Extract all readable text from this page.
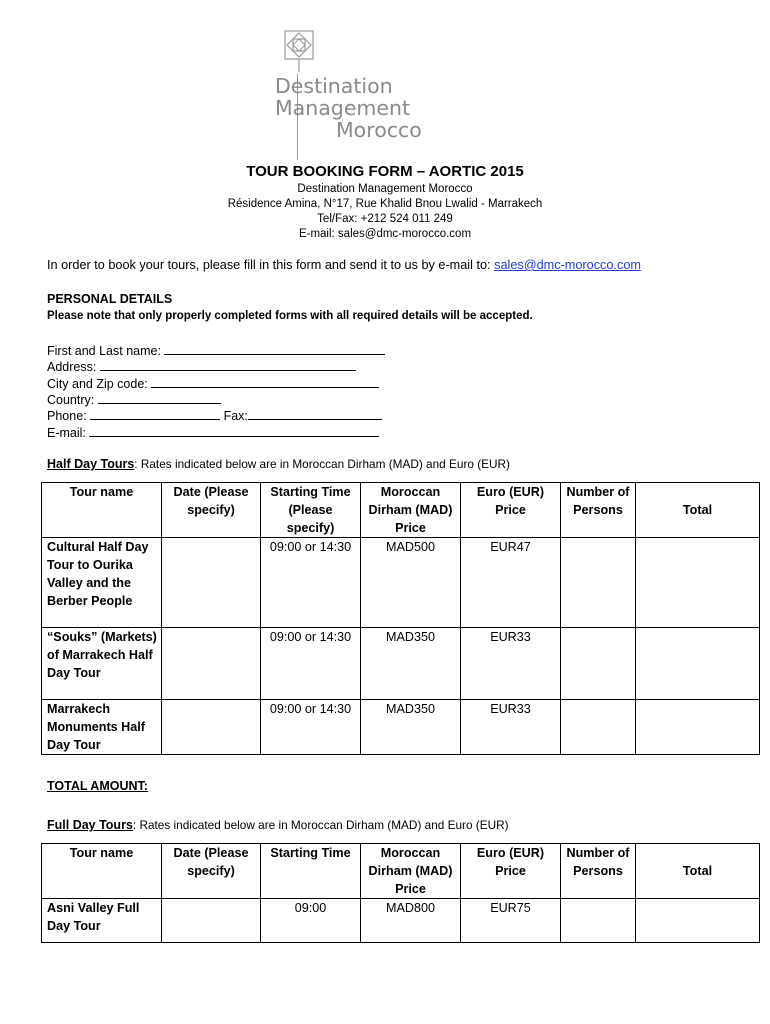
Destination
Management
Morocco
TOUR BOOKING FORM – AORTIC 2015
Destination Management Morocco
Résidence Amina, N°17, Rue Khalid Bnou Lwalid - Marrakech
Tel/Fax: +212 524 011 249
E-mail: sales@dmc-morocco.com
In order to book your tours, please fill in this form and send it to us by e-mail to: sales@dmc-morocco.com
PERSONAL DETAILS
Please note that only properly completed forms with all required details will be accepted.
First and Last name:
Address:
City and Zip code:
Country:
Phone:	Fax:
E-mail:
Half Day Tours: Rates indicated below are in Moroccan Dirham (MAD) and Euro (EUR)
Tour name	Date (Please specify)	Starting Time (Please specify)	Moroccan Dirham (MAD) Price	Euro (EUR) Price	Number of Persons	Total
Cultural Half Day Tour to Ourika Valley and the Berber People		09:00 or 14:30	MAD500	EUR47		
“Souks” (Markets) of Marrakech Half Day Tour		09:00 or 14:30	MAD350	EUR33		
Marrakech Monuments Half Day Tour		09:00 or 14:30	MAD350	EUR33		
TOTAL AMOUNT:
Full Day Tours: Rates indicated below are in Moroccan Dirham (MAD) and Euro (EUR)
Tour name	Date (Please specify)	Starting Time	Moroccan Dirham (MAD) Price	Euro (EUR) Price	Number of Persons	Total
Asni Valley Full Day Tour		09:00	MAD800	EUR75		
